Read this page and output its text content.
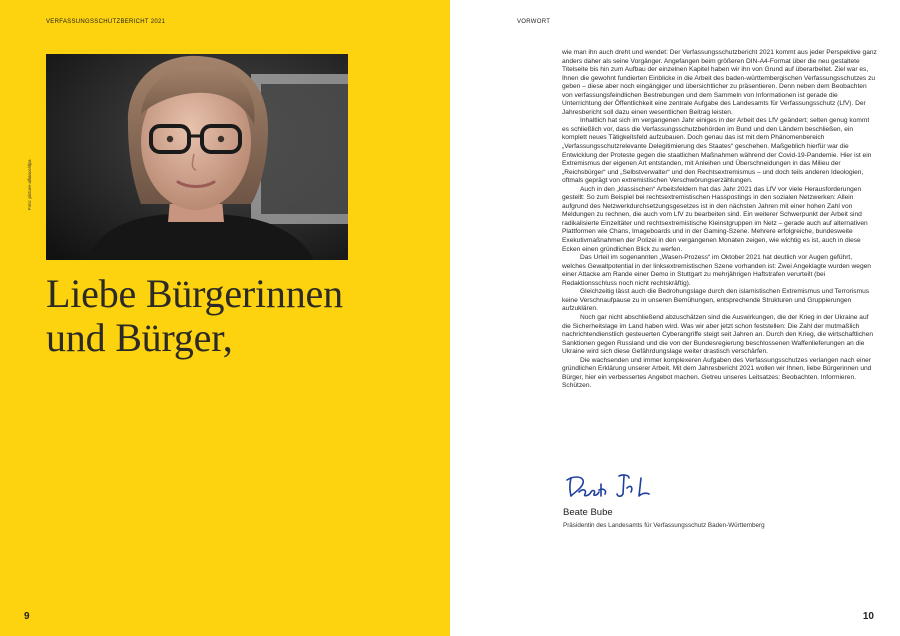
VERFASSUNGSSCHUTZBERICHT 2021
Foto: picture-alliance/dpa
Liebe Bürgerinnen
und Bürger,
9
VORWORT

wie man ihn auch dreht und wendet: Der Verfassungsschutzbericht 2021 kommt aus jeder Perspektive ganz anders daher als seine Vorgänger. Angefangen beim größeren DIN-A4-Format über die neu gestaltete Titelseite bis hin zum Aufbau der einzelnen Kapitel haben wir ihn von Grund auf überarbeitet. Ziel war es, Ihnen die gewohnt fundierten Einblicke in die Arbeit des baden-württembergischen Verfassungsschutzes zu geben – diese aber noch eingängiger und übersichtlicher zu präsentieren. Denn neben dem Beobachten von verfassungsfeindlichen Bestrebungen und dem Sammeln von Informationen ist gerade die Unterrichtung der Öffentlichkeit eine zentrale Aufgabe des Landesamts für Verfassungsschutz (LfV). Der Jahresbericht soll dazu einen wesentlichen Beitrag leisten.

Inhaltlich hat sich im vergangenen Jahr einiges in der Arbeit des LfV geändert; selten genug kommt es schließlich vor, dass die Verfassungsschutzbehörden im Bund und den Ländern beschließen, ein komplett neues Tätigkeitsfeld aufzubauen. Doch genau das ist mit dem Phänomenbereich „Verfassungsschutzrelevante Delegitimierung des Staates“ geschehen. Maßgeblich hierfür war die Entwicklung der Proteste gegen die staatlichen Maßnahmen während der Covid-19-Pandemie. Hier ist ein Extremismus der eigenen Art entstanden, mit Anleihen und Überschneidungen in das Milieu der „Reichsbürger“ und „Selbstverwalter“ und den Rechtsextremismus – und doch teils anderen Ideologien, oftmals geprägt von extremistischen Verschwörungserzählungen.

Auch in den „klassischen“ Arbeitsfeldern hat das Jahr 2021 das LfV vor viele Herausforderungen gestellt: So zum Beispiel bei rechtsextremistischen Hasspostings in den sozialen Netzwerken: Allein aufgrund des Netzwerkdurchsetzungsgesetzes ist in den nächsten Jahren mit einer hohen Zahl von Meldungen zu rechnen, die auch vom LfV zu bearbeiten sind. Ein weiterer Schwerpunkt der Arbeit sind radikalisierte Einzeltäter und rechtsextremistische Kleinstgruppen im Netz – gerade auch auf alternativen Plattformen wie Chans, Imageboards und in der Gaming-Szene. Mehrere erfolgreiche, bundesweite Exekutivmaßnahmen der Polizei in den vergangenen Monaten zeigen, wie wichtig es ist, auch in diese Ecken einen gründlichen Blick zu werfen.

Das Urteil im sogenannten „Wasen-Prozess“ im Oktober 2021 hat deutlich vor Augen geführt, welches Gewaltpotential in der linksextremistischen Szene vorhanden ist: Zwei Angeklagte wurden wegen einer Attacke am Rande einer Demo in Stuttgart zu mehrjährigen Haftstrafen verurteilt (bei Redaktionsschluss noch nicht rechtskräftig).

Gleichzeitig lässt auch die Bedrohungslage durch den islamistischen Extremismus und Terrorismus keine Verschnaufpause zu in unseren Bemühungen, entsprechende Strukturen und Gruppierungen aufzuklären.

Noch gar nicht abschließend abzuschätzen sind die Auswirkungen, die der Krieg in der Ukraine auf die Sicherheitslage im Land haben wird. Was wir aber jetzt schon feststellen: Die Zahl der mutmaßlich nachrichtendienstlich gesteuerten Cyberangriffe steigt seit Jahren an. Durch den Krieg, die wirtschaftlichen Sanktionen gegen Russland und die von der Bundesregierung beschlossenen Waffenlieferungen an die Ukraine wird sich diese Gefährdungslage weiter drastisch verschärfen.

Die wachsenden und immer komplexeren Aufgaben des Verfassungsschutzes verlangen nach einer gründlichen Erklärung unserer Arbeit. Mit dem Jahresbericht 2021 wollen wir Ihnen, liebe Bürgerinnen und Bürger, hier ein verbessertes Angebot machen. Getreu unseres Leitsatzes: Beobachten. Informieren. Schützen.

Beate Bube
Präsidentin des Landesamts für Verfassungsschutz Baden-Württemberg
10
